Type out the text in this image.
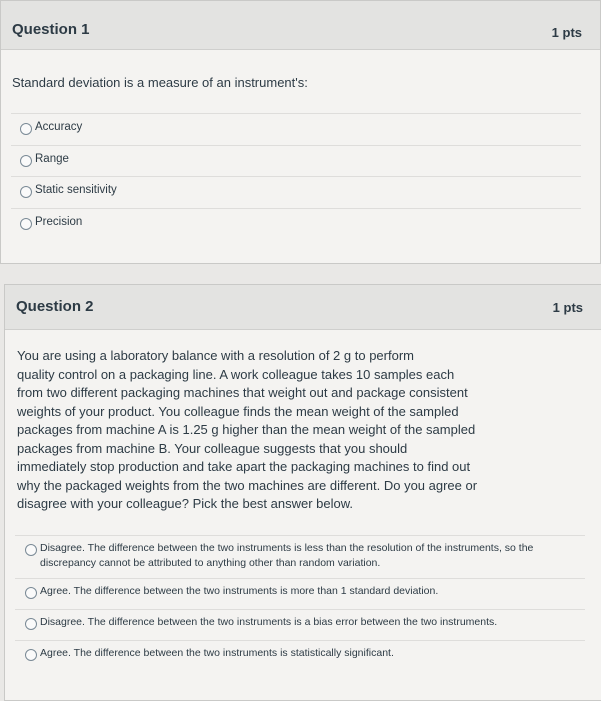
Question 1	1 pts
Standard deviation is a measure of an instrument's:
Accuracy
Range
Static sensitivity
Precision
Question 2	1 pts
You are using a laboratory balance with a resolution of 2 g to perform
quality control on a packaging line. A work colleague takes 10 samples each
from two different packaging machines that weight out and package consistent
weights of your product. You colleague finds the mean weight of the sampled
packages from machine A is 1.25 g higher than the mean weight of the sampled
packages from machine B. Your colleague suggests that you should
immediately stop production and take apart the packaging machines to find out
why the packaged weights from the two machines are different. Do you agree or
disagree with your colleague? Pick the best answer below.
Disagree. The difference between the two instruments is less than the resolution of the instruments, so the
discrepancy cannot be attributed to anything other than random variation.
Agree. The difference between the two instruments is more than 1 standard deviation.
Disagree. The difference between the two instruments is a bias error between the two instruments.
Agree. The difference between the two instruments is statistically significant.
